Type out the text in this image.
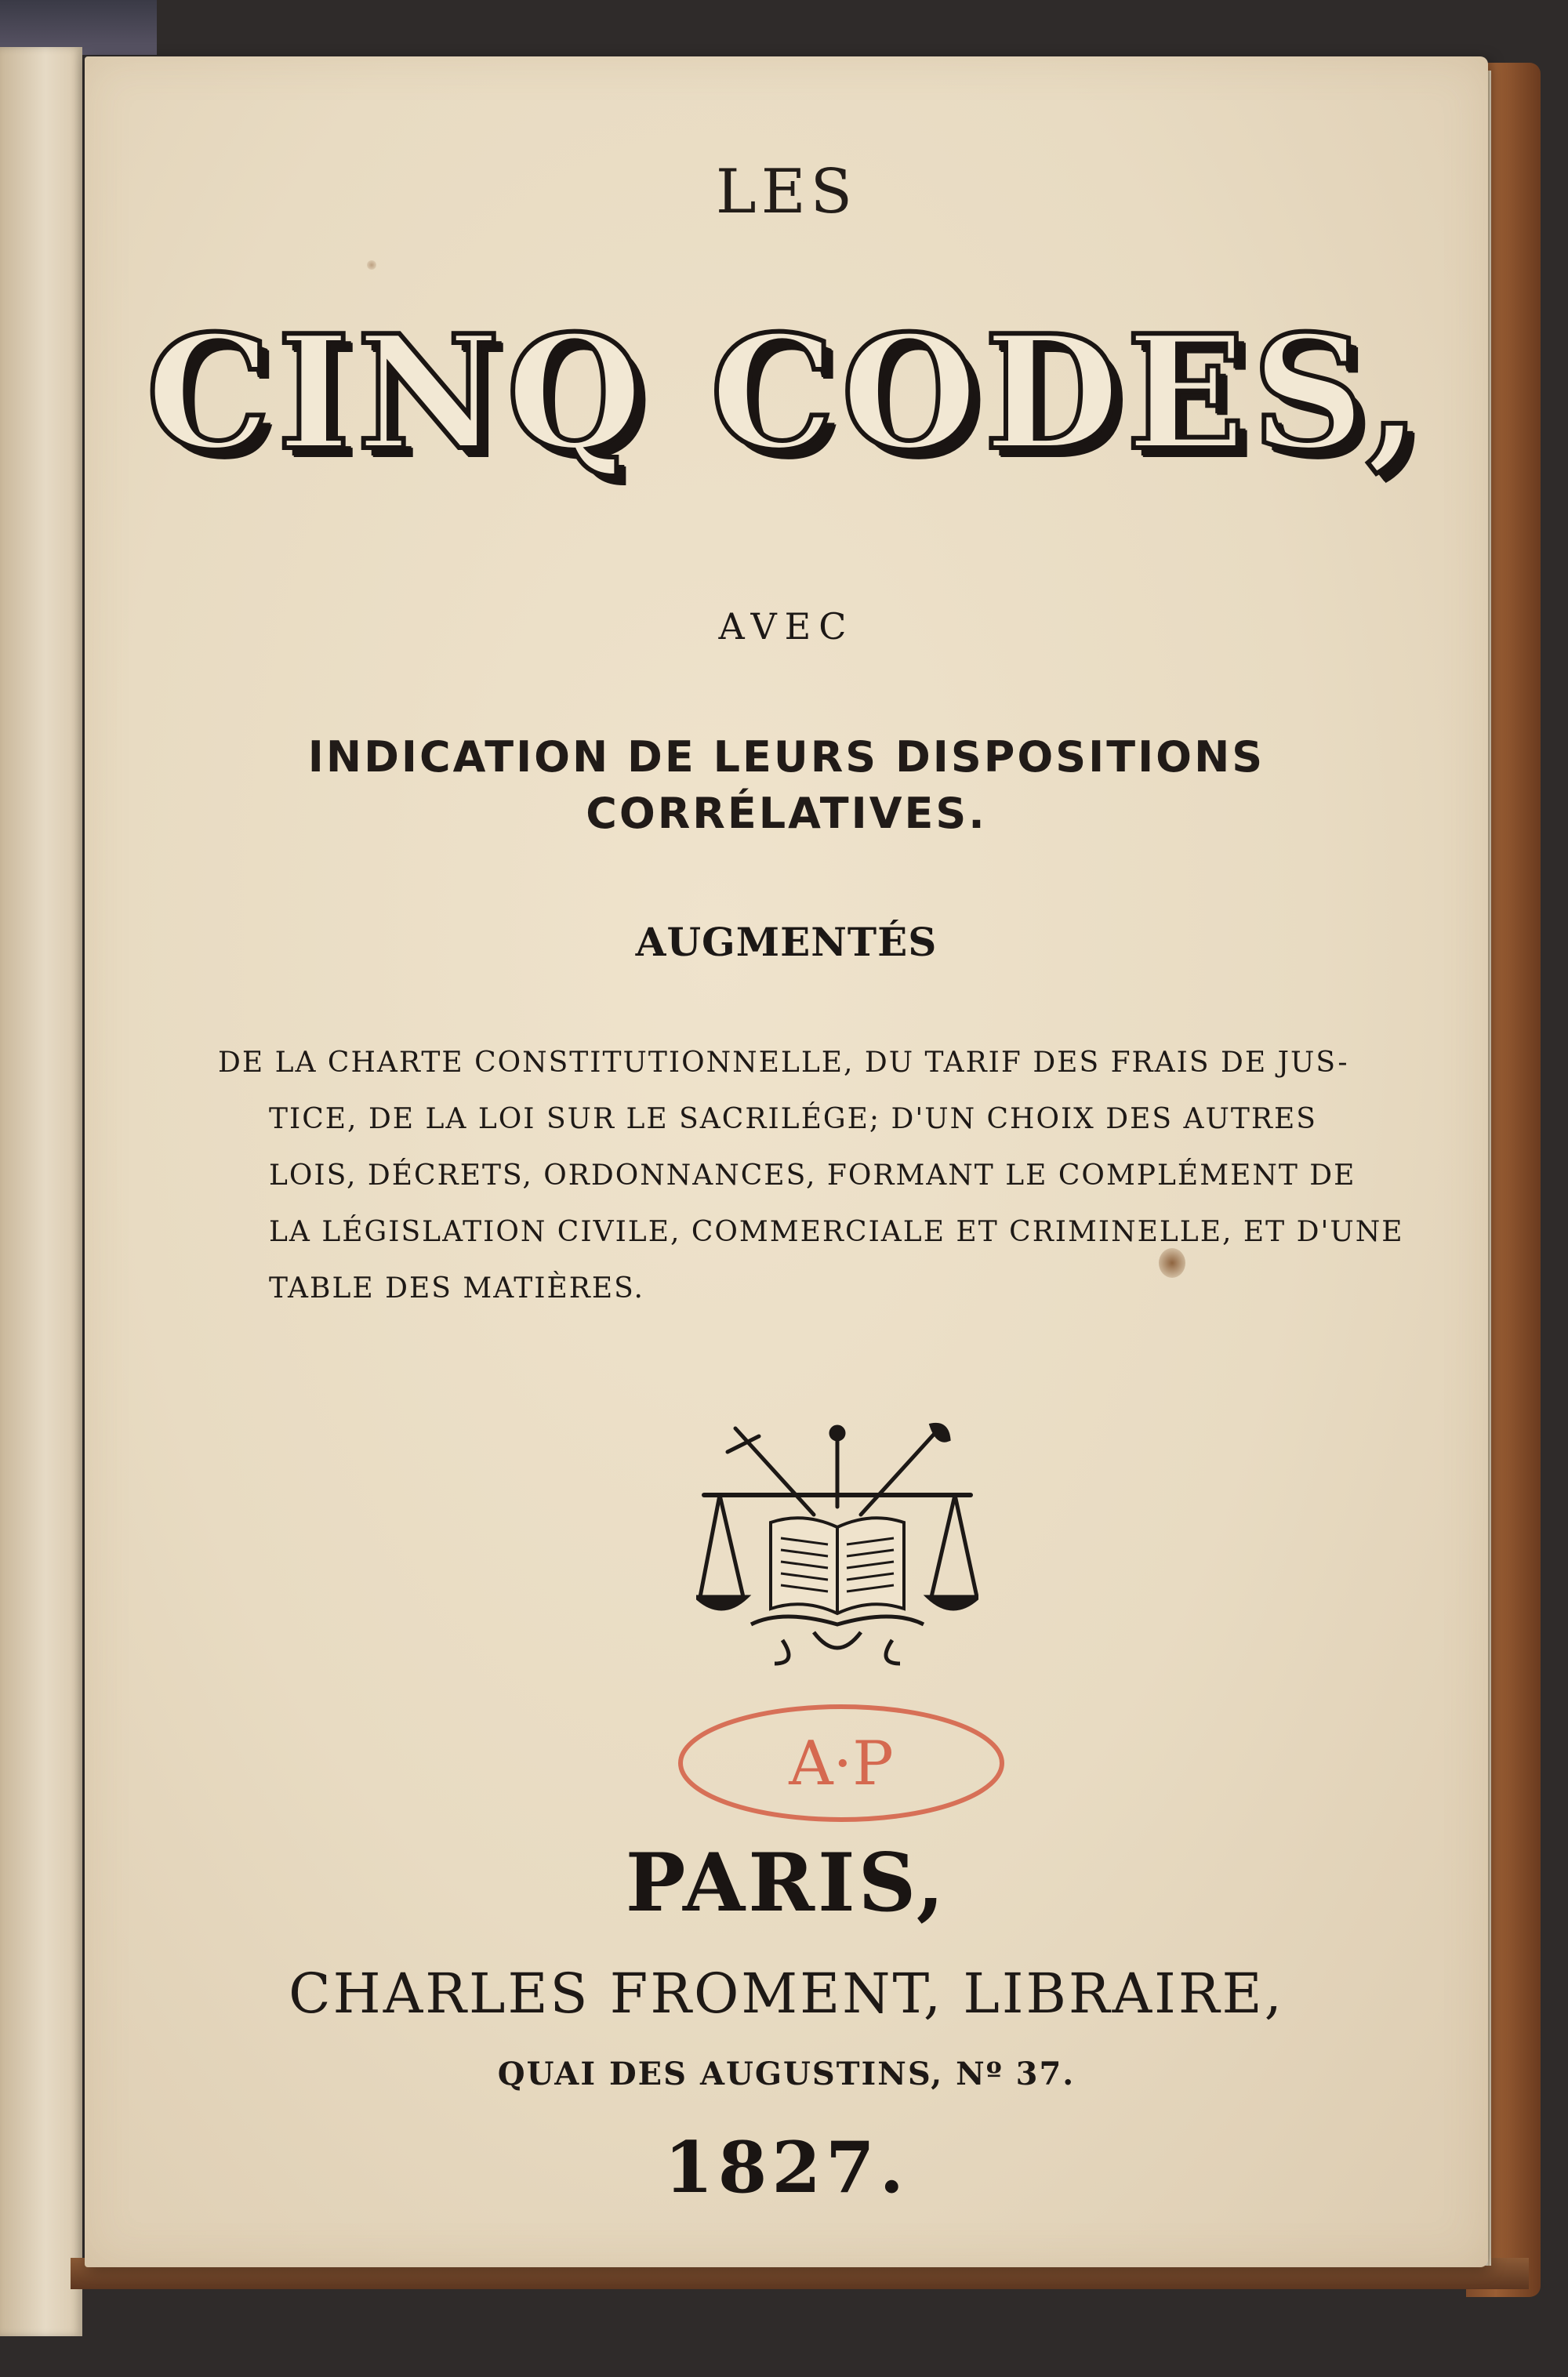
LES
CINQ CODES,
AVEC
INDICATION DE LEURS DISPOSITIONS
CORRÉLATIVES.
AUGMENTÉS
DE LA CHARTE CONSTITUTIONNELLE, DU TARIF DES FRAIS DE JUS-
TICE, DE LA LOI SUR LE SACRILÉGE; D'UN CHOIX DES AUTRES
LOIS, DÉCRETS, ORDONNANCES, FORMANT LE COMPLÉMENT DE
LA LÉGISLATION CIVILE, COMMERCIALE ET CRIMINELLE, ET D'UNE
TABLE DES MATIÈRES.
A·P
PARIS,
CHARLES FROMENT, LIBRAIRE,
QUAI DES AUGUSTINS, Nº 37.
1827.
